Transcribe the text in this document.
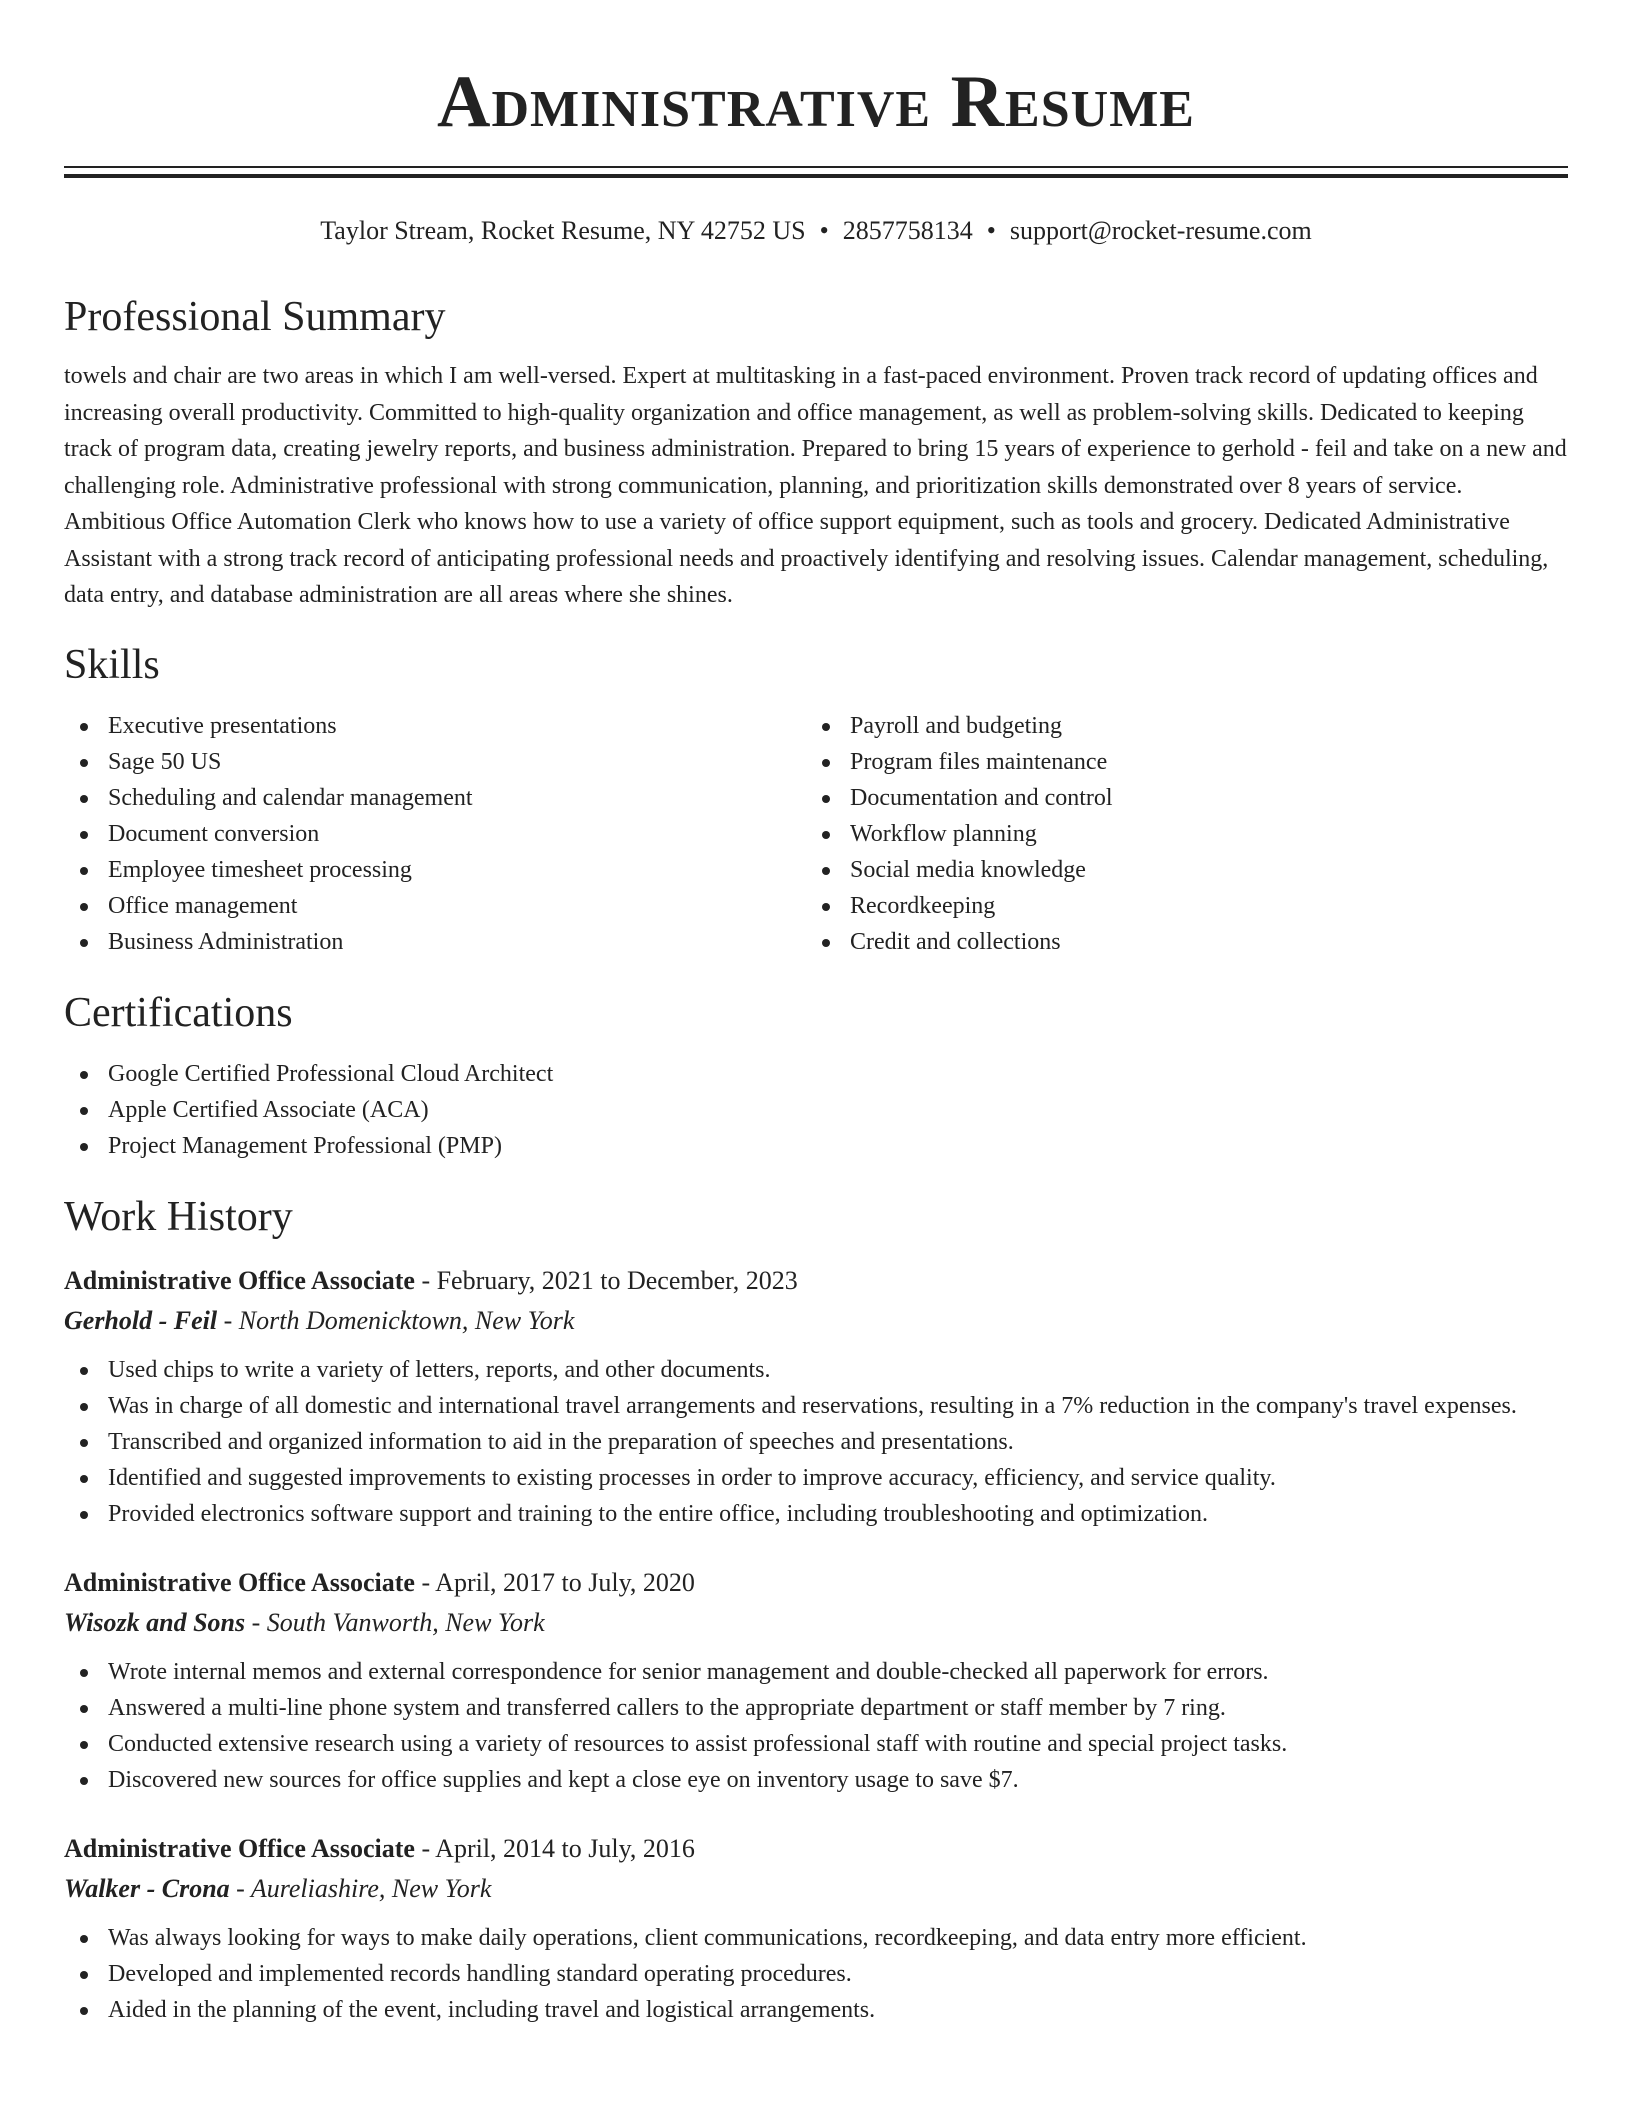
Administrative Resume
Taylor Stream, Rocket Resume, NY 42752 US • 2857758134 • support@rocket-resume.com
Professional Summary
towels and chair are two areas in which I am well-versed. Expert at multitasking in a fast-paced environment. Proven track record of updating offices and increasing overall productivity. Committed to high-quality organization and office management, as well as problem-solving skills. Dedicated to keeping track of program data, creating jewelry reports, and business administration. Prepared to bring 15 years of experience to gerhold - feil and take on a new and challenging role. Administrative professional with strong communication, planning, and prioritization skills demonstrated over 8 years of service. Ambitious Office Automation Clerk who knows how to use a variety of office support equipment, such as tools and grocery. Dedicated Administrative Assistant with a strong track record of anticipating professional needs and proactively identifying and resolving issues. Calendar management, scheduling, data entry, and database administration are all areas where she shines.
Skills
Executive presentations
Sage 50 US
Scheduling and calendar management
Document conversion
Employee timesheet processing
Office management
Business Administration
Payroll and budgeting
Program files maintenance
Documentation and control
Workflow planning
Social media knowledge
Recordkeeping
Credit and collections
Certifications
Google Certified Professional Cloud Architect
Apple Certified Associate (ACA)
Project Management Professional (PMP)
Work History
Administrative Office Associate - February, 2021 to December, 2023
Gerhold - Feil - North Domenicktown, New York
Used chips to write a variety of letters, reports, and other documents.
Was in charge of all domestic and international travel arrangements and reservations, resulting in a 7% reduction in the company's travel expenses.
Transcribed and organized information to aid in the preparation of speeches and presentations.
Identified and suggested improvements to existing processes in order to improve accuracy, efficiency, and service quality.
Provided electronics software support and training to the entire office, including troubleshooting and optimization.
Administrative Office Associate - April, 2017 to July, 2020
Wisozk and Sons - South Vanworth, New York
Wrote internal memos and external correspondence for senior management and double-checked all paperwork for errors.
Answered a multi-line phone system and transferred callers to the appropriate department or staff member by 7 ring.
Conducted extensive research using a variety of resources to assist professional staff with routine and special project tasks.
Discovered new sources for office supplies and kept a close eye on inventory usage to save $7.
Administrative Office Associate - April, 2014 to July, 2016
Walker - Crona - Aureliashire, New York
Was always looking for ways to make daily operations, client communications, recordkeeping, and data entry more efficient.
Developed and implemented records handling standard operating procedures.
Aided in the planning of the event, including travel and logistical arrangements.
